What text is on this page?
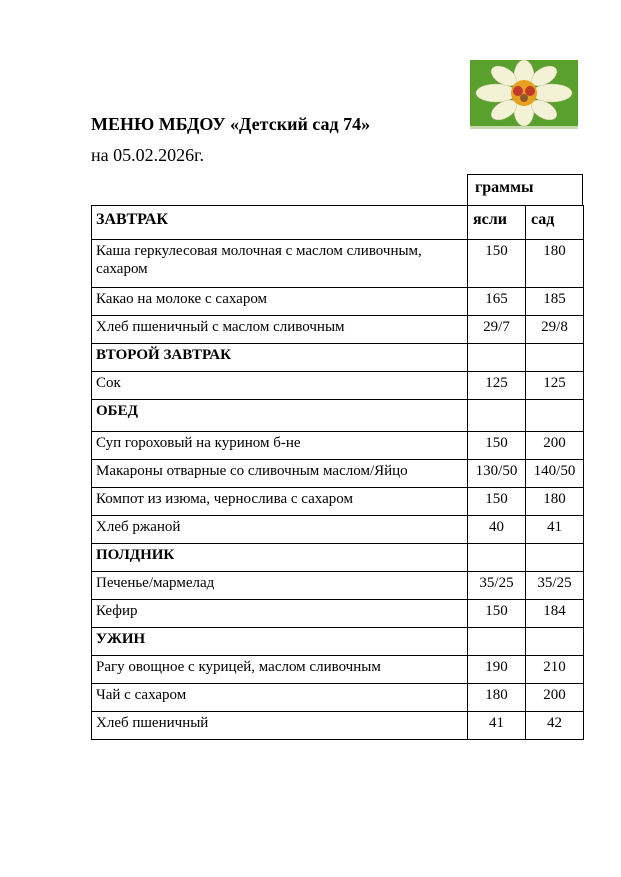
МЕНЮ МБДОУ «Детский сад 74»
на 05.02.2026г.
граммы
ЗАВТРАК	ясли	сад
Каша геркулесовая молочная с маслом сливочным, сахаром	150	180
Какао на молоке с сахаром	165	185
Хлеб пшеничный с маслом сливочным	29/7	29/8
ВТОРОЙ ЗАВТРАК		
Сок	125	125
ОБЕД		
Суп гороховый на курином б-не	150	200
Макароны отварные со сливочным маслом/Яйцо	130/50	140/50
Компот из изюма, чернослива с сахаром	150	180
Хлеб ржаной	40	41
ПОЛДНИК		
Печенье/мармелад	35/25	35/25
Кефир	150	184
УЖИН		
Рагу овощное с курицей, маслом сливочным	190	210
Чай с сахаром	180	200
Хлеб пшеничный	41	42
